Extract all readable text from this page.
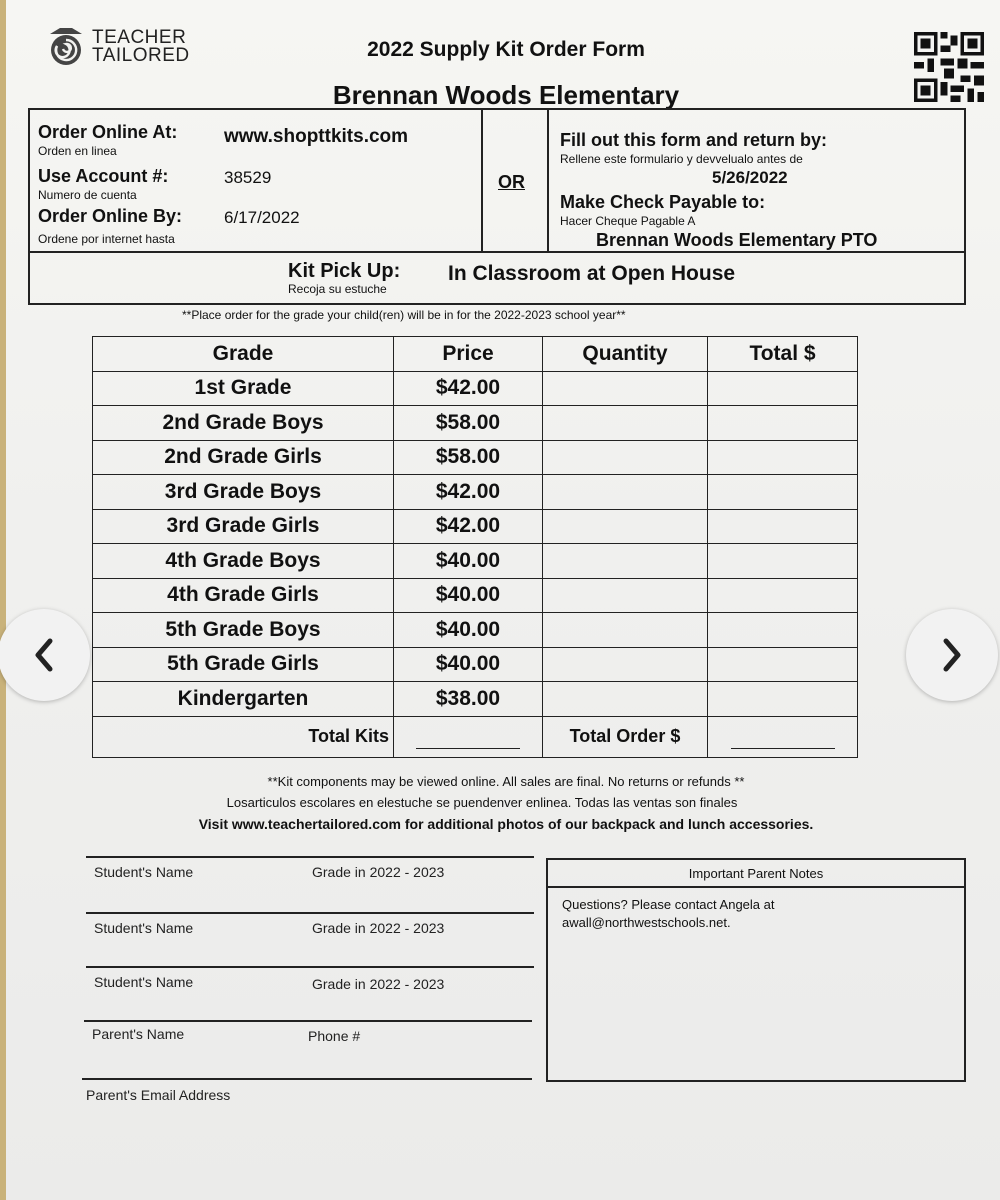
TEACHER
TAILORED	2022 Supply Kit Order Form
Brennan Woods Elementary
Order Online At:
Orden en linea
www.shopttkits.com
Use Account #:
Numero de cuenta
38529
Order Online By:
Ordene por internet hasta
6/17/2022
OR
Fill out this form and return by:
Rellene este formulario y devvelualo antes de
5/26/2022
Make Check Payable to:
Hacer Cheque Pagable A
Brennan Woods Elementary PTO
Kit Pick Up:
Recoja su estuche
In Classroom at Open House
**Place order for the grade your child(ren) will be in for the 2022-2023 school year**
Grade	Price	Quantity	Total $
1st Grade	$42.00		
2nd Grade Boys	$58.00		
2nd Grade Girls	$58.00		
3rd Grade Boys	$42.00		
3rd Grade Girls	$42.00		
4th Grade Boys	$40.00		
4th Grade Girls	$40.00		
5th Grade Boys	$40.00		
5th Grade Girls	$40.00		
Kindergarten	$38.00		
Total Kits		Total Order $	
**Kit components may be viewed online. All sales are final. No returns or refunds **
Losarticulos escolares en elestuche se puendenver enlinea. Todas las ventas son finales
Visit www.teachertailored.com for additional photos of our backpack and lunch accessories.
Student's Name	Grade in 2022 - 2023
Student's Name	Grade in 2022 - 2023
Student's Name	Grade in 2022 - 2023
Parent's Name	Phone #
Parent's Email Address
Important Parent Notes
Questions? Please contact Angela at awall@northwestschools.net.
